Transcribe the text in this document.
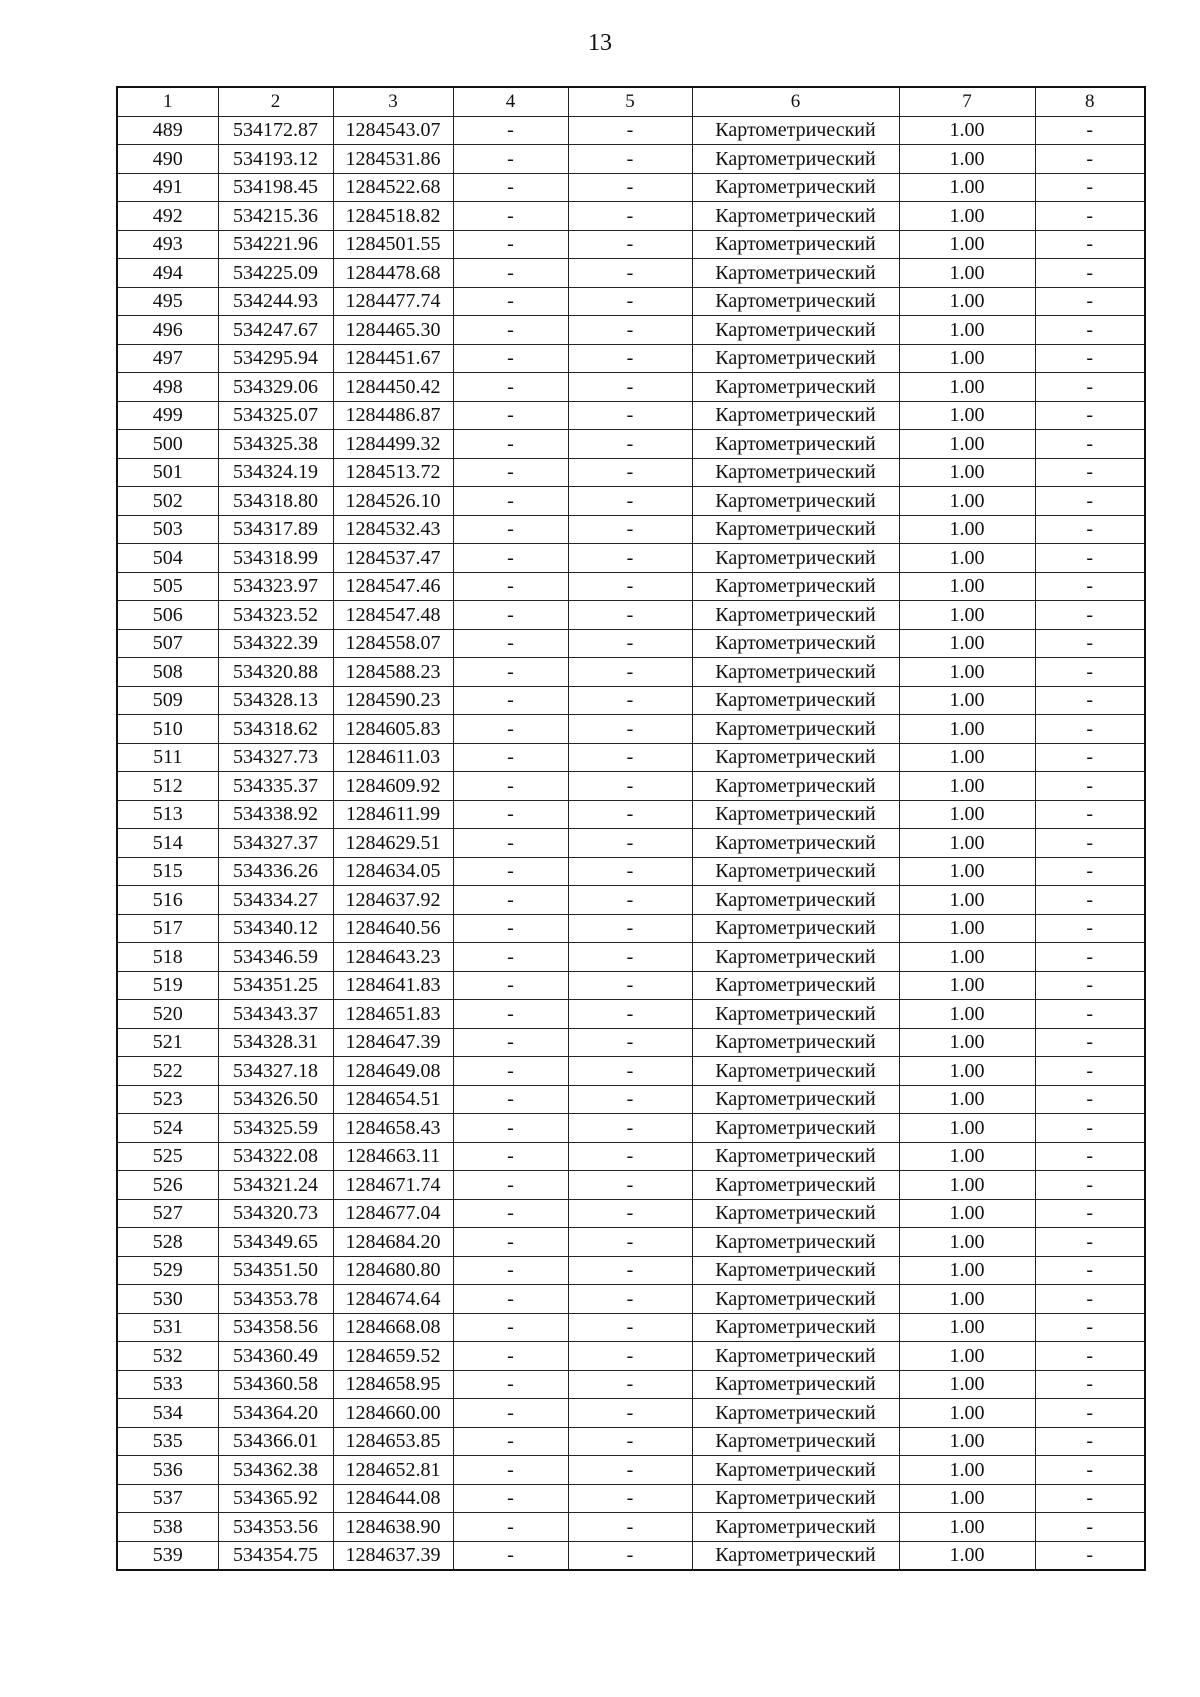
13
1	2	3	4	5	6	7	8
489	534172.87	1284543.07	-	-	Картометрический	1.00	-
490	534193.12	1284531.86	-	-	Картометрический	1.00	-
491	534198.45	1284522.68	-	-	Картометрический	1.00	-
492	534215.36	1284518.82	-	-	Картометрический	1.00	-
493	534221.96	1284501.55	-	-	Картометрический	1.00	-
494	534225.09	1284478.68	-	-	Картометрический	1.00	-
495	534244.93	1284477.74	-	-	Картометрический	1.00	-
496	534247.67	1284465.30	-	-	Картометрический	1.00	-
497	534295.94	1284451.67	-	-	Картометрический	1.00	-
498	534329.06	1284450.42	-	-	Картометрический	1.00	-
499	534325.07	1284486.87	-	-	Картометрический	1.00	-
500	534325.38	1284499.32	-	-	Картометрический	1.00	-
501	534324.19	1284513.72	-	-	Картометрический	1.00	-
502	534318.80	1284526.10	-	-	Картометрический	1.00	-
503	534317.89	1284532.43	-	-	Картометрический	1.00	-
504	534318.99	1284537.47	-	-	Картометрический	1.00	-
505	534323.97	1284547.46	-	-	Картометрический	1.00	-
506	534323.52	1284547.48	-	-	Картометрический	1.00	-
507	534322.39	1284558.07	-	-	Картометрический	1.00	-
508	534320.88	1284588.23	-	-	Картометрический	1.00	-
509	534328.13	1284590.23	-	-	Картометрический	1.00	-
510	534318.62	1284605.83	-	-	Картометрический	1.00	-
511	534327.73	1284611.03	-	-	Картометрический	1.00	-
512	534335.37	1284609.92	-	-	Картометрический	1.00	-
513	534338.92	1284611.99	-	-	Картометрический	1.00	-
514	534327.37	1284629.51	-	-	Картометрический	1.00	-
515	534336.26	1284634.05	-	-	Картометрический	1.00	-
516	534334.27	1284637.92	-	-	Картометрический	1.00	-
517	534340.12	1284640.56	-	-	Картометрический	1.00	-
518	534346.59	1284643.23	-	-	Картометрический	1.00	-
519	534351.25	1284641.83	-	-	Картометрический	1.00	-
520	534343.37	1284651.83	-	-	Картометрический	1.00	-
521	534328.31	1284647.39	-	-	Картометрический	1.00	-
522	534327.18	1284649.08	-	-	Картометрический	1.00	-
523	534326.50	1284654.51	-	-	Картометрический	1.00	-
524	534325.59	1284658.43	-	-	Картометрический	1.00	-
525	534322.08	1284663.11	-	-	Картометрический	1.00	-
526	534321.24	1284671.74	-	-	Картометрический	1.00	-
527	534320.73	1284677.04	-	-	Картометрический	1.00	-
528	534349.65	1284684.20	-	-	Картометрический	1.00	-
529	534351.50	1284680.80	-	-	Картометрический	1.00	-
530	534353.78	1284674.64	-	-	Картометрический	1.00	-
531	534358.56	1284668.08	-	-	Картометрический	1.00	-
532	534360.49	1284659.52	-	-	Картометрический	1.00	-
533	534360.58	1284658.95	-	-	Картометрический	1.00	-
534	534364.20	1284660.00	-	-	Картометрический	1.00	-
535	534366.01	1284653.85	-	-	Картометрический	1.00	-
536	534362.38	1284652.81	-	-	Картометрический	1.00	-
537	534365.92	1284644.08	-	-	Картометрический	1.00	-
538	534353.56	1284638.90	-	-	Картометрический	1.00	-
539	534354.75	1284637.39	-	-	Картометрический	1.00	-
